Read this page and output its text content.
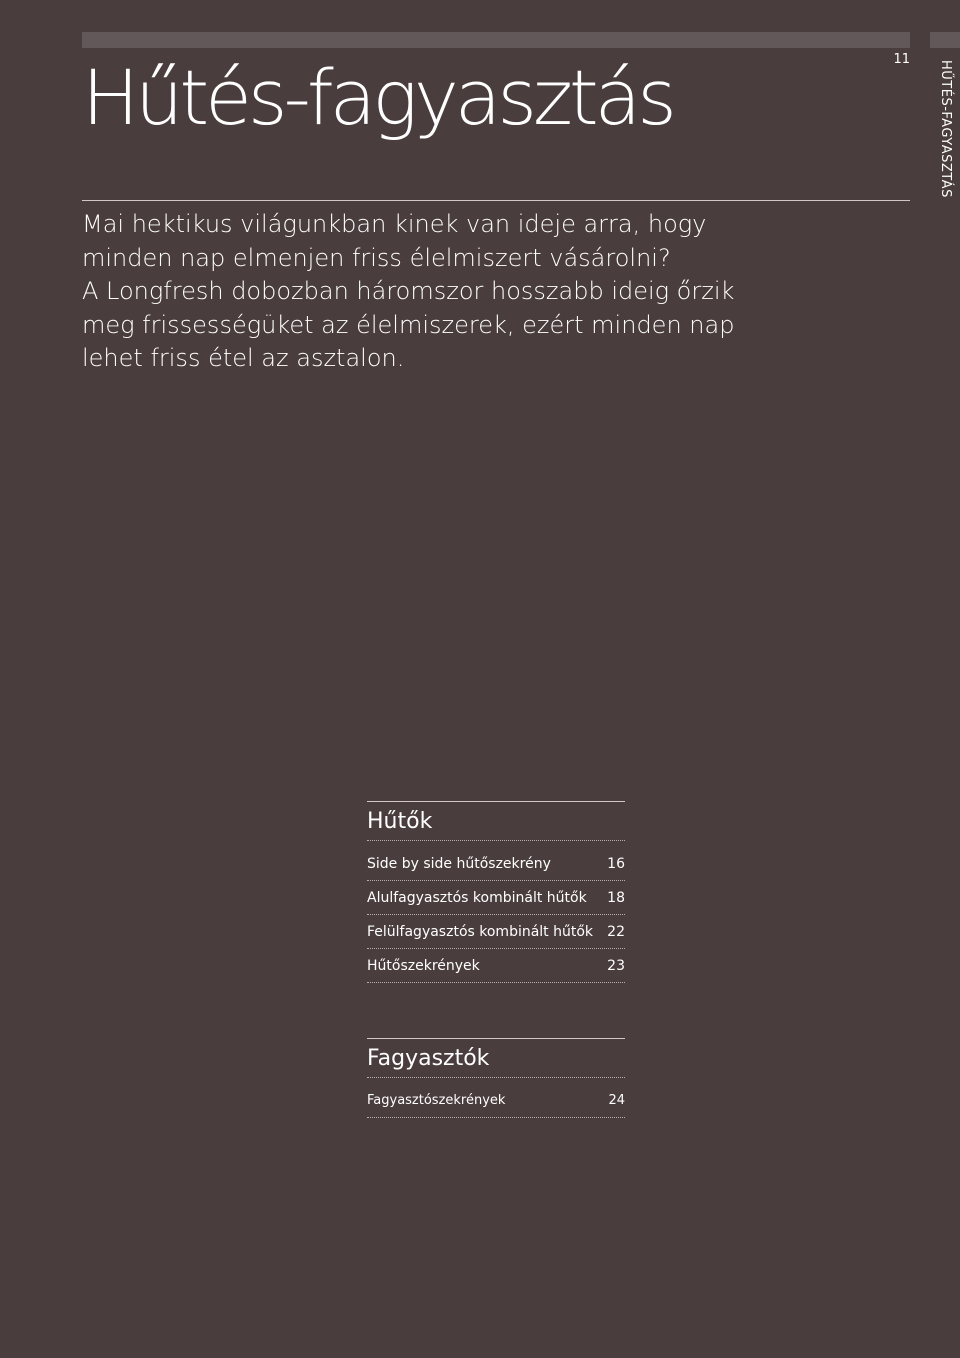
11
HŰTÉS-FAGYASZTÁS
Hűtés-fagyasztás

Mai hektikus világunkban kinek van ideje arra, hogy
minden nap elmenjen friss élelmiszert vásárolni?
A Longfresh dobozban háromszor hosszabb ideig őrzik
meg frissességüket az élelmiszerek, ezért minden nap
lehet friss étel az asztalon.

Hűtők
Side by side hűtőszekrény	16
Alulfagyasztós kombinált hűtők 18
Felülfagyasztós kombinált hűtők 22
Hűtőszekrények	23
Fagyasztók
Fagyasztószekrények	24
